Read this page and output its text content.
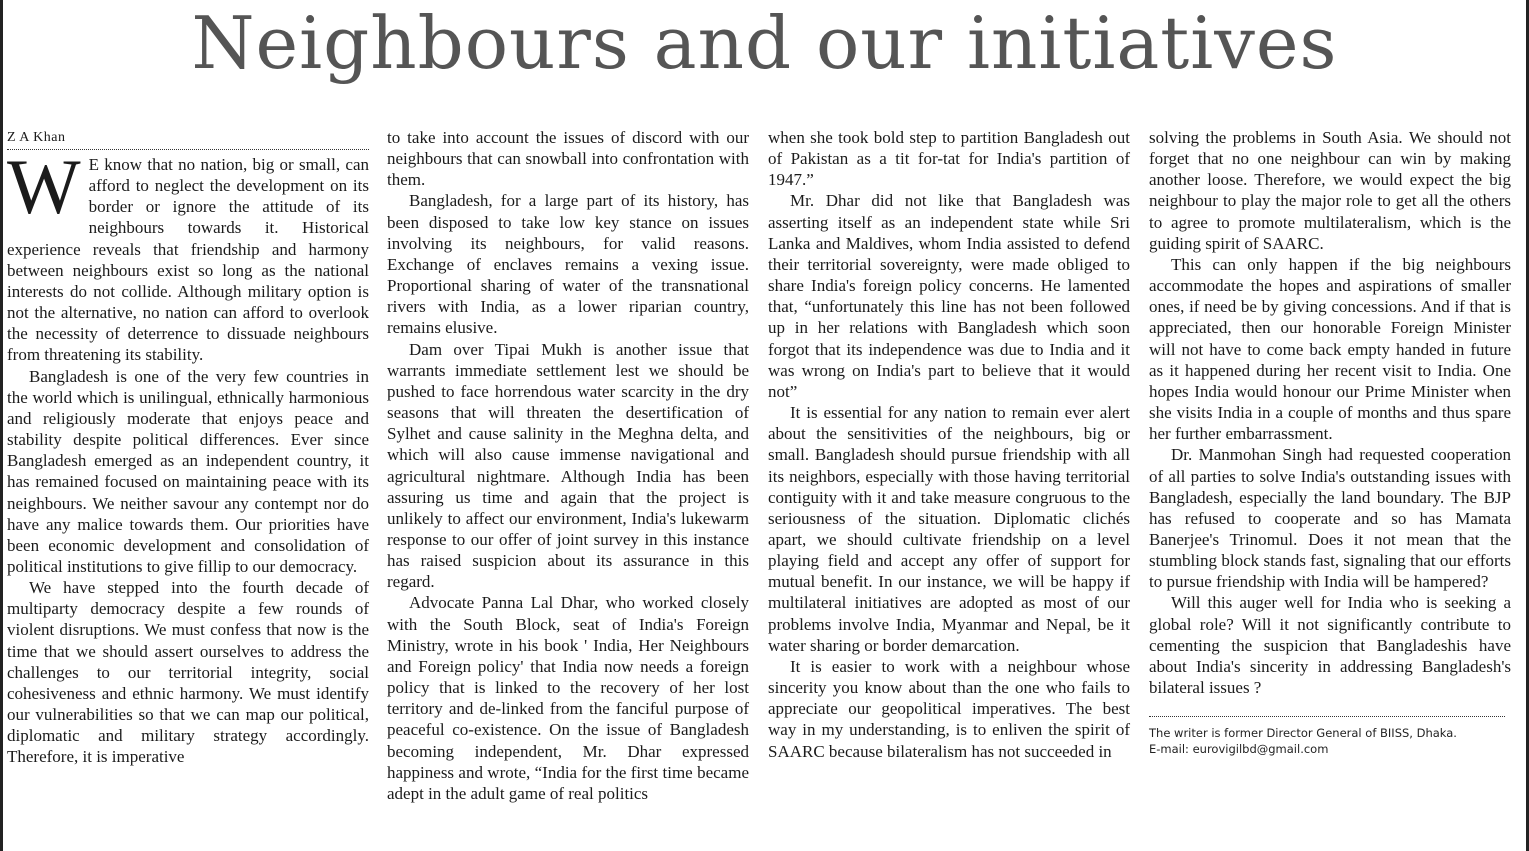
Neighbours and our initiatives
Z A Khan

W E know that no nation, big or small, can afford to neglect the development on its border or ignore the attitude of its neighbours towards it. Historical experience reveals that friendship and harmony between neighbours exist so long as the national interests do not collide. Although military option is not the alternative, no nation can afford to overlook the necessity of deterrence to dissuade neighbours from threatening its stability.

Bangladesh is one of the very few countries in the world which is unilingual, ethnically harmonious and religiously moderate that enjoys peace and stability despite political differences. Ever since Bangladesh emerged as an independent country, it has remained focused on maintaining peace with its neighbours. We neither savour any contempt nor do have any malice towards them. Our priorities have been economic development and consolidation of political institutions to give fillip to our democracy.

We have stepped into the fourth decade of multiparty democracy despite a few rounds of violent disruptions. We must confess that now is the time that we should assert ourselves to address the challenges to our territorial integrity, social cohesiveness and ethnic harmony. We must identify our vulnerabilities so that we can map our political, diplomatic and military strategy accordingly. Therefore, it is imperative

to take into account the issues of discord with our neighbours that can snowball into confrontation with them.

Bangladesh, for a large part of its history, has been disposed to take low key stance on issues involving its neighbours, for valid reasons. Exchange of enclaves remains a vexing issue. Proportional sharing of water of the transnational rivers with India, as a lower riparian country, remains elusive.

Dam over Tipai Mukh is another issue that warrants immediate settlement lest we should be pushed to face horrendous water scarcity in the dry seasons that will threaten the desertification of Sylhet and cause salinity in the Meghna delta, and which will also cause immense navigational and agricultural nightmare. Although India has been assuring us time and again that the project is unlikely to affect our environment, India's lukewarm response to our offer of joint survey in this instance has raised suspicion about its assurance in this regard.

Advocate Panna Lal Dhar, who worked closely with the South Block, seat of India's Foreign Ministry, wrote in his book ' India, Her Neighbours and Foreign policy' that India now needs a foreign policy that is linked to the recovery of her lost territory and de-linked from the fanciful purpose of peaceful co-existence. On the issue of Bangladesh becoming independent, Mr. Dhar expressed happiness and wrote, “India for the first time became adept in the adult game of real politics

when she took bold step to partition Bangladesh out of Pakistan as a tit for-tat for India's partition of 1947.”

Mr. Dhar did not like that Bangladesh was asserting itself as an independent state while Sri Lanka and Maldives, whom India assisted to defend their territorial sovereignty, were made obliged to share India's foreign policy concerns. He lamented that, “unfortunately this line has not been followed up in her relations with Bangladesh which soon forgot that its independence was due to India and it was wrong on India's part to believe that it would not”

It is essential for any nation to remain ever alert about the sensitivities of the neighbours, big or small. Bangladesh should pursue friendship with all its neighbors, especially with those having territorial contiguity with it and take measure congruous to the seriousness of the situation. Diplomatic clichés apart, we should cultivate friendship on a level playing field and accept any offer of support for mutual benefit. In our instance, we will be happy if multilateral initiatives are adopted as most of our problems involve India, Myanmar and Nepal, be it water sharing or border demarcation.

It is easier to work with a neighbour whose sincerity you know about than the one who fails to appreciate our geopolitical imperatives. The best way in my understanding, is to enliven the spirit of SAARC because bilateralism has not succeeded in

solving the problems in South Asia. We should not forget that no one neighbour can win by making another loose. Therefore, we would expect the big neighbour to play the major role to get all the others to agree to promote multilateralism, which is the guiding spirit of SAARC.

This can only happen if the big neighbours accommodate the hopes and aspirations of smaller ones, if need be by giving concessions. And if that is appreciated, then our honorable Foreign Minister will not have to come back empty handed in future as it happened during her recent visit to India. One hopes India would honour our Prime Minister when she visits India in a couple of months and thus spare her further embarrassment.

Dr. Manmohan Singh had requested cooperation of all parties to solve India's outstanding issues with Bangladesh, especially the land boundary. The BJP has refused to cooperate and so has Mamata Banerjee's Trinomul. Does it not mean that the stumbling block stands fast, signaling that our efforts to pursue friendship with India will be hampered?

Will this auger well for India who is seeking a global role? Will it not significantly contribute to cementing the suspicion that Bangladeshis have about India's sincerity in addressing Bangladesh's bilateral issues ?

The writer is former Director General of BIISS, Dhaka.
E-mail: eurovigilbd@gmail.com
